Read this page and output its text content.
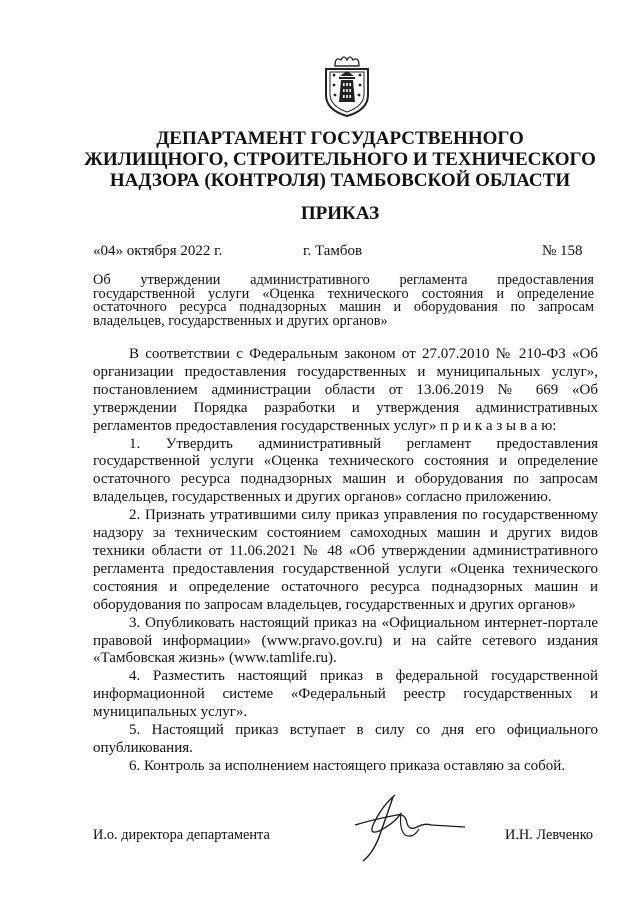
ДЕПАРТАМЕНТ ГОСУДАРСТВЕННОГО
ЖИЛИЩНОГО, СТРОИТЕЛЬНОГО И ТЕХНИЧЕСКОГО
НАДЗОРА (КОНТРОЛЯ) ТАМБОВСКОЙ ОБЛАСТИ
ПРИКАЗ
«04» октября 2022 г.	г. Тамбов	№ 158
Об утверждении административного регламента предоставления государственной услуги «Оценка технического состояния и определение остаточного ресурса поднадзорных машин и оборудования по запросам владельцев, государственных и других органов»

В соответствии с Федеральным законом от 27.07.2010 № 210-ФЗ «Об организации предоставления государственных и муниципальных услуг», постановлением администрации области от 13.06.2019 № 669 «Об утверждении Порядка разработки и утверждения административных регламентов предоставления государственных услуг» п р и к а з ы в а ю:

1. Утвердить административный регламент предоставления государственной услуги «Оценка технического состояния и определение остаточного ресурса поднадзорных машин и оборудования по запросам владельцев, государственных и других органов» согласно приложению.

2. Признать утратившими силу приказ управления по государственному надзору за техническим состоянием самоходных машин и других видов техники области от 11.06.2021 № 48 «Об утверждении административного регламента предоставления государственной услуги «Оценка технического состояния и определение остаточного ресурса поднадзорных машин и оборудования по запросам владельцев, государственных и других органов»

3. Опубликовать настоящий приказ на «Официальном интернет-портале правовой информации» (www.pravo.gov.ru) и на сайте сетевого издания «Тамбовская жизнь» (www.tamlife.ru).

4. Разместить настоящий приказ в федеральной государственной информационной системе «Федеральный реестр государственных и муниципальных услуг».

5. Настоящий приказ вступает в силу со дня его официального опубликования.

6. Контроль за исполнением настоящего приказа оставляю за собой.

И.о. директора департамента	И.Н. Левченко
